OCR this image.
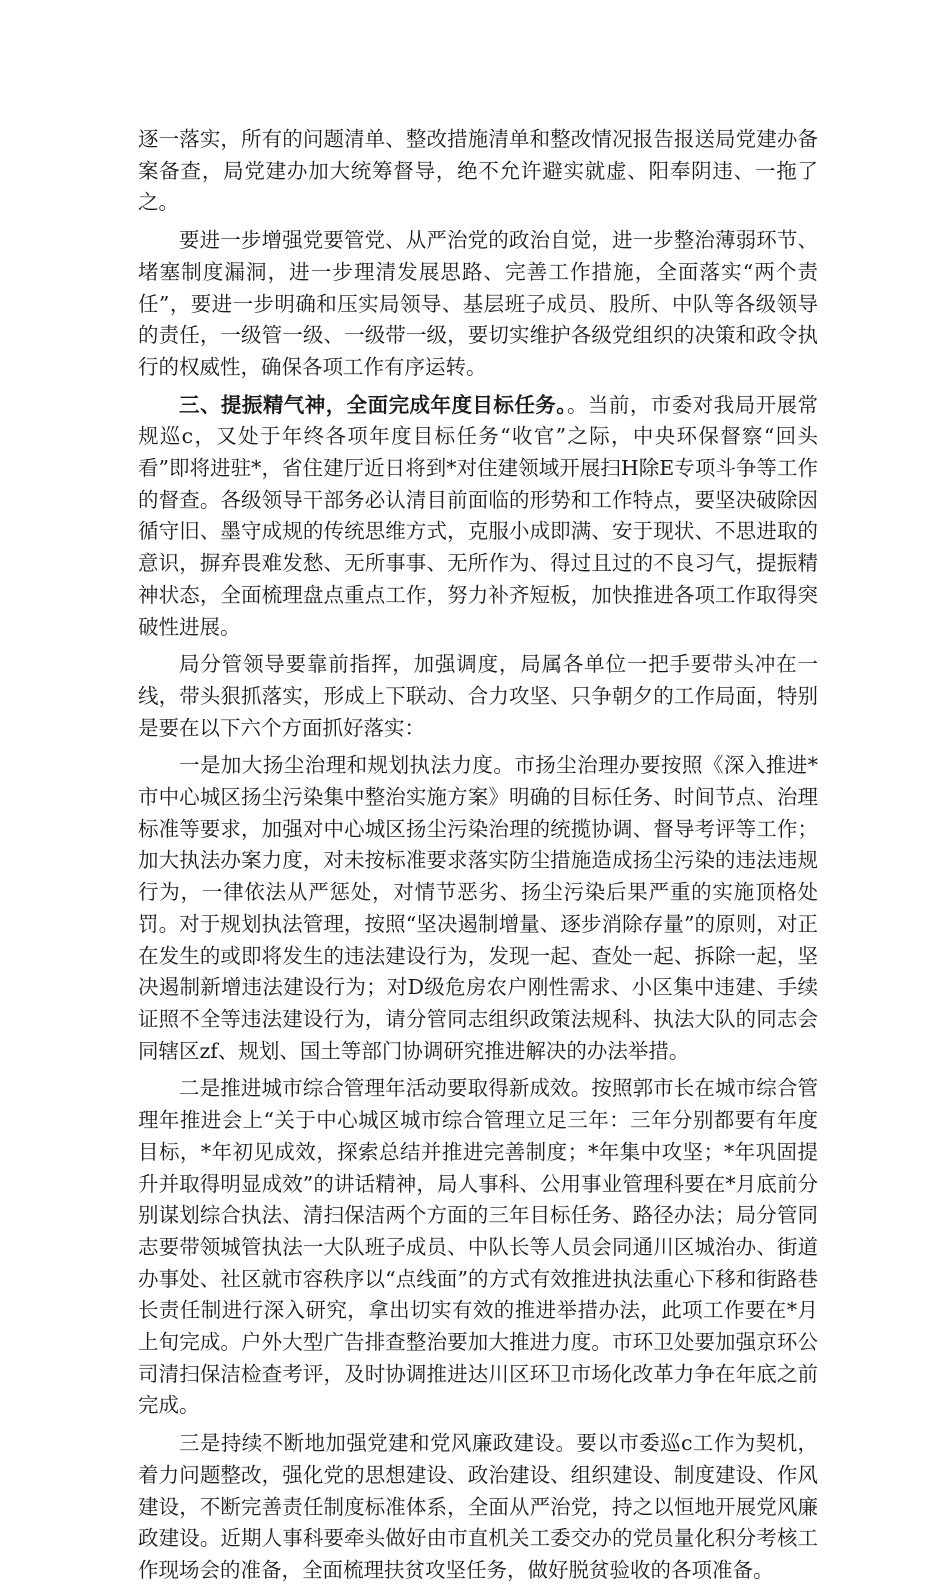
逐一落实，所有的问题清单、整改措施清单和整改情况报告报送局党建办备案备查，局党建办加大统筹督导，绝不允许避实就虚、阳奉阴违、一拖了之。

要进一步增强党要管党、从严治党的政治自觉，进一步整治薄弱环节、堵塞制度漏洞，进一步理清发展思路、完善工作措施，全面落实“两个责任”，要进一步明确和压实局领导、基层班子成员、股所、中队等各级领导的责任，一级管一级、一级带一级，要切实维护各级党组织的决策和政令执行的权威性，确保各项工作有序运转。

三、提振精气神，全面完成年度目标任务。。当前，市委对我局开展常规巡c，又处于年终各项年度目标任务“收官”之际，中央环保督察“回头看”即将进驻*，省住建厅近日将到*对住建领域开展扫H除E专项斗争等工作的督查。各级领导干部务必认清目前面临的形势和工作特点，要坚决破除因循守旧、墨守成规的传统思维方式，克服小成即满、安于现状、不思进取的意识，摒弃畏难发愁、无所事事、无所作为、得过且过的不良习气，提振精神状态，全面梳理盘点重点工作，努力补齐短板，加快推进各项工作取得突破性进展。

局分管领导要靠前指挥，加强调度，局属各单位一把手要带头冲在一线，带头狠抓落实，形成上下联动、合力攻坚、只争朝夕的工作局面，特别是要在以下六个方面抓好落实：

一是加大扬尘治理和规划执法力度。市扬尘治理办要按照《深入推进*市中心城区扬尘污染集中整治实施方案》明确的目标任务、时间节点、治理标准等要求，加强对中心城区扬尘污染治理的统揽协调、督导考评等工作；加大执法办案力度，对未按标准要求落实防尘措施造成扬尘污染的违法违规行为，一律依法从严惩处，对情节恶劣、扬尘污染后果严重的实施顶格处罚。对于规划执法管理，按照“坚决遏制增量、逐步消除存量”的原则，对正在发生的或即将发生的违法建设行为，发现一起、查处一起、拆除一起，坚决遏制新增违法建设行为；对D级危房农户刚性需求、小区集中违建、手续证照不全等违法建设行为，请分管同志组织政策法规科、执法大队的同志会同辖区zf、规划、国土等部门协调研究推进解决的办法举措。

二是推进城市综合管理年活动要取得新成效。按照郭市长在城市综合管理年推进会上“关于中心城区城市综合管理立足三年：三年分别都要有年度目标，*年初见成效，探索总结并推进完善制度；*年集中攻坚；*年巩固提升并取得明显成效”的讲话精神，局人事科、公用事业管理科要在*月底前分别谋划综合执法、清扫保洁两个方面的三年目标任务、路径办法；局分管同志要带领城管执法一大队班子成员、中队长等人员会同通川区城治办、街道办事处、社区就市容秩序以“点线面”的方式有效推进执法重心下移和街路巷长责任制进行深入研究，拿出切实有效的推进举措办法，此项工作要在*月上旬完成。户外大型广告排查整治要加大推进力度。市环卫处要加强京环公司清扫保洁检查考评，及时协调推进达川区环卫市场化改革力争在年底之前完成。

三是持续不断地加强党建和党风廉政建设。要以市委巡c工作为契机，着力问题整改，强化党的思想建设、政治建设、组织建设、制度建设、作风建设，不断完善责任制度标准体系，全面从严治党，持之以恒地开展党风廉政建设。近期人事科要牵头做好由市直机关工委交办的党员量化积分考核工作现场会的准备，全面梳理扶贫攻坚任务，做好脱贫验收的各项准备。
